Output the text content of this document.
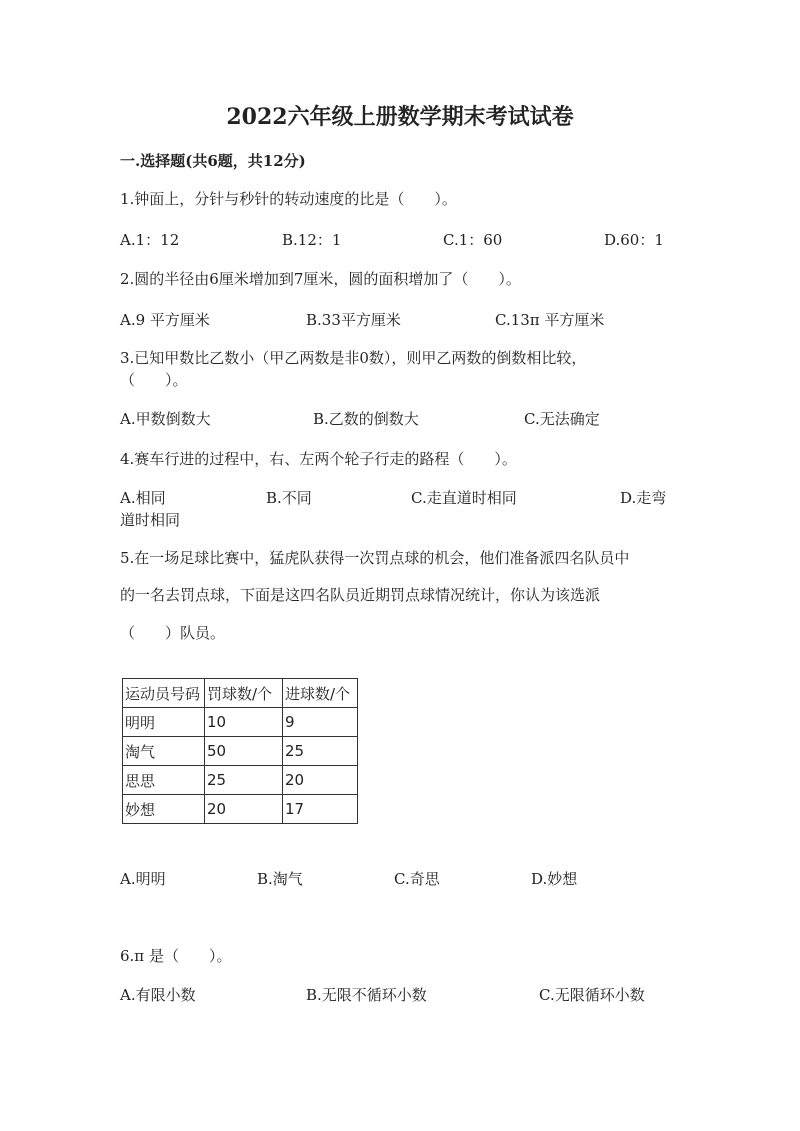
2022六年级上册数学期末考试试卷
一.选择题(共6题，共12分)
1.钟面上，分针与秒针的转动速度的比是（　　）。
A.1：12	B.12：1	C.1：60	D.60：1
2.圆的半径由6厘米增加到7厘米，圆的面积增加了（　　）。
A.9 平方厘米	B.33平方厘米	C.13π 平方厘米
3.已知甲数比乙数小（甲乙两数是非0数），则甲乙两数的倒数相比较，
（　　）。
A.甲数倒数大	B.乙数的倒数大	C.无法确定
4.赛车行进的过程中，右、左两个轮子行走的路程（　　）。
A.相同	B.不同	C.走直道时相同	D.走弯
道时相同
5.在一场足球比赛中，猛虎队获得一次罚点球的机会，他们准备派四名队员中
的一名去罚点球，下面是这四名队员近期罚点球情况统计，你认为该选派
（　　）队员。
运动员号码	罚球数/个	进球数/个
明明	10	9
淘气	50	25
思思	25	20
妙想	20	17
A.明明	B.淘气	C.奇思	D.妙想
6.π 是（　　）。
A.有限小数	B.无限不循环小数	C.无限循环小数
